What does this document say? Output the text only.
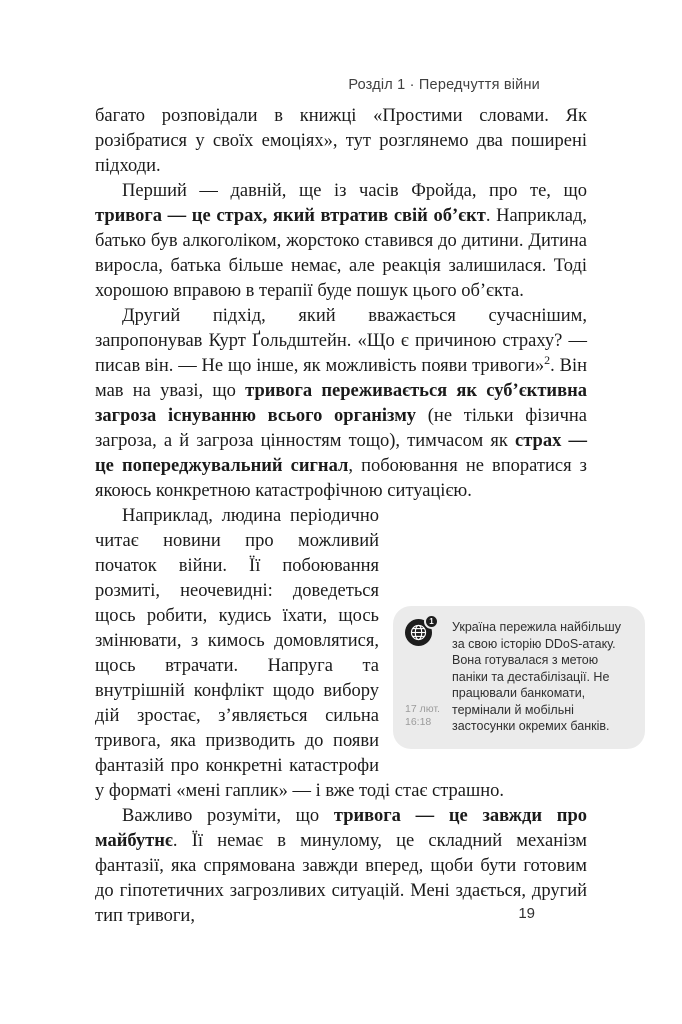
Розділ 1 · Передчуття війни

багато розповідали в книжці «Простими словами. Як розібратися у своїх емоціях», тут розглянемо два поширені підходи.

Перший — давній, ще із часів Фройда, про те, що тривога — це страх, який втратив свій об’єкт. Наприклад, батько був алкоголіком, жорстоко ставився до дитини. Дитина виросла, батька більше немає, але реакція залишилася. Тоді хорошою вправою в терапії буде пошук цього об’єкта.

Другий підхід, який вважається сучаснішим, запропонував Курт Ґольдштейн. «Що є причиною страху? — писав він. — Не що інше, як можливість появи тривоги»$^2$. Він мав на увазі, що тривога переживається як суб’єктивна загроза існуванню всього організму (не тільки фізична загроза, а й загроза цінностям тощо), тимчасом як страх — це попереджувальний сигнал, побоювання не впоратися з якоюсь конкретною катастрофічною ситуацією.

1
17 лют.
16:18
Україна пережила найбільшу за свою історію DDoS-атаку. Вона готувалася з метою паніки та дестабілізації. Не працювали банкомати, термінали й мобільні застосунки окремих банків.

Наприклад, людина періодично читає новини про можливий початок війни. Її побоювання розмиті, неочевидні: доведеться щось робити, кудись їхати, щось змінювати, з кимось домовлятися, щось втрачати. Напруга та внутрішній конфлікт щодо вибору дій зростає, з’являється сильна тривога, яка призводить до появи фантазій про конкретні катастрофи у форматі «мені гаплик» — і вже тоді стає страшно.

Важливо розуміти, що тривога — це завжди про майбутнє. Її немає в минулому, це складний механізм фантазії, яка спрямована завжди вперед, щоби бути готовим до гіпотетичних загрозливих ситуацій. Мені здається, другий тип тривоги,	19
